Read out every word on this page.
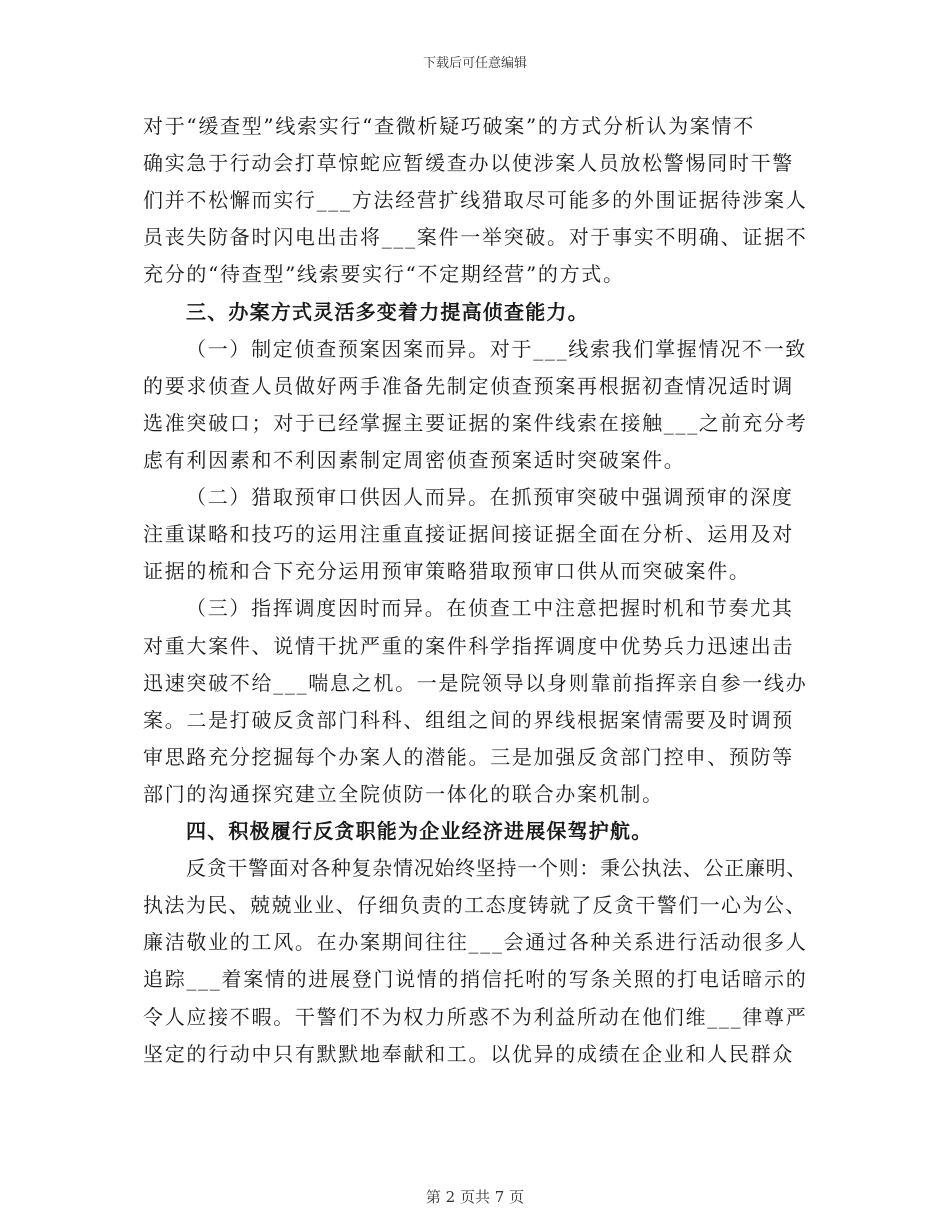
下载后可任意编辑
对于“缓查型”线索实行“查微析疑巧破案”的方式分析认为案情不
确实急于行动会打草惊蛇应暂缓查办以使涉案人员放松警惕同时干警
们并不松懈而实行___方法经营扩线猎取尽可能多的外围证据待涉案人
员丧失防备时闪电出击将___案件一举突破。对于事实不明确、证据不
充分的“待查型”线索要实行“不定期经营”的方式。
三、办案方式灵活多变着力提高侦查能力。
（一）制定侦查预案因案而异。对于___线索我们掌握情况不一致
的要求侦查人员做好两手准备先制定侦查预案再根据初查情况适时调
选准突破口；对于已经掌握主要证据的案件线索在接触___之前充分考
虑有利因素和不利因素制定周密侦查预案适时突破案件。
（二）猎取预审口供因人而异。在抓预审突破中强调预审的深度
注重谋略和技巧的运用注重直接证据间接证据全面在分析、运用及对
证据的梳和合下充分运用预审策略猎取预审口供从而突破案件。
（三）指挥调度因时而异。在侦查工中注意把握时机和节奏尤其
对重大案件、说情干扰严重的案件科学指挥调度中优势兵力迅速出击
迅速突破不给___喘息之机。一是院领导以身则靠前指挥亲自参一线办
案。二是打破反贪部门科科、组组之间的界线根据案情需要及时调预
审思路充分挖掘每个办案人的潜能。三是加强反贪部门控申、预防等
部门的沟通探究建立全院侦防一体化的联合办案机制。
四、积极履行反贪职能为企业经济进展保驾护航。
反贪干警面对各种复杂情况始终坚持一个则：秉公执法、公正廉明、
执法为民、兢兢业业、仔细负责的工态度铸就了反贪干警们一心为公、
廉洁敬业的工风。在办案期间往往___会通过各种关系进行活动很多人
追踪___着案情的进展登门说情的捎信托咐的写条关照的打电话暗示的
令人应接不暇。干警们不为权力所惑不为利益所动在他们维___律尊严
坚定的行动中只有默默地奉献和工。以优异的成绩在企业和人民群众
第 2 页共 7 页
